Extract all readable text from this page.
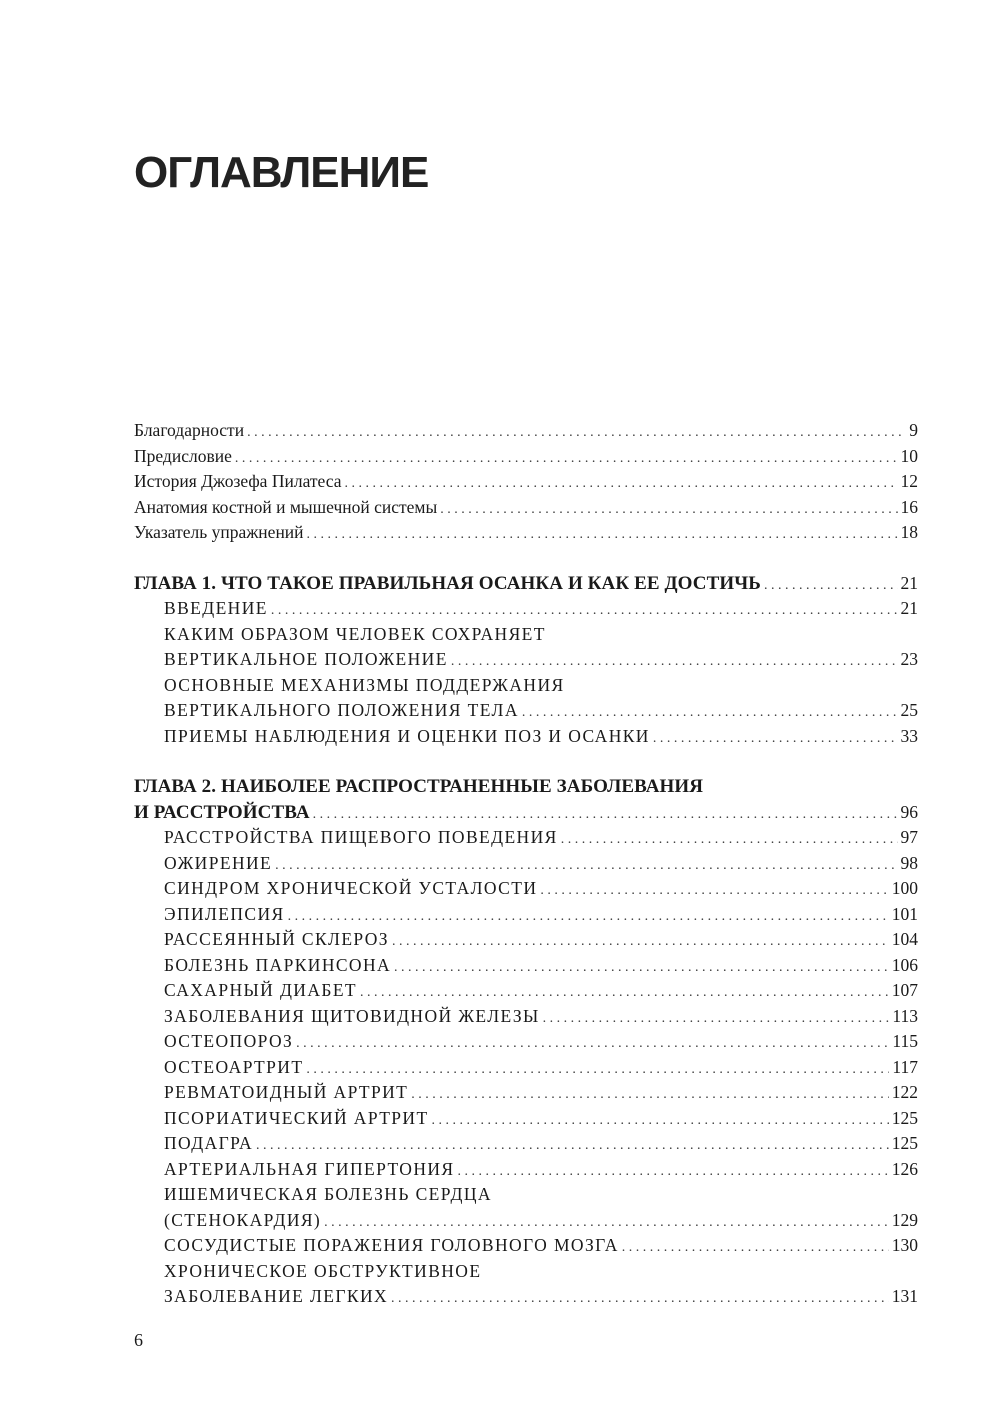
ОГЛАВЛЕНИЕ
Благодарности . . .	9
Предисловие . . .	10
История Джозефа Пилатеса . . .	12
Анатомия костной и мышечной системы . . .	16
Указатель упражнений . . .	18
ГЛАВА 1. ЧТО ТАКОЕ ПРАВИЛЬНАЯ ОСАНКА И КАК ЕЕ ДОСТИЧЬ . . .	21
ВВЕДЕНИЕ . . .	21
КАКИМ ОБРАЗОМ ЧЕЛОВЕК СОХРАНЯЕТ
ВЕРТИКАЛЬНОЕ ПОЛОЖЕНИЕ . . .	23
ОСНОВНЫЕ МЕХАНИЗМЫ ПОДДЕРЖАНИЯ
ВЕРТИКАЛЬНОГО ПОЛОЖЕНИЯ ТЕЛА . . .	25
ПРИЕМЫ НАБЛЮДЕНИЯ И ОЦЕНКИ ПОЗ И ОСАНКИ . . .	33
ГЛАВА 2. НАИБОЛЕЕ РАСПРОСТРАНЕННЫЕ ЗАБОЛЕВАНИЯ
И РАССТРОЙСТВА . . .	96
РАССТРОЙСТВА ПИЩЕВОГО ПОВЕДЕНИЯ . . .	97
ОЖИРЕНИЕ . . .	98
СИНДРОМ ХРОНИЧЕСКОЙ УСТАЛОСТИ . . .	100
ЭПИЛЕПСИЯ . . .	101
РАССЕЯННЫЙ СКЛЕРОЗ . . .	104
БОЛЕЗНЬ ПАРКИНСОНА . . .	106
САХАРНЫЙ ДИАБЕТ . . .	107
ЗАБОЛЕВАНИЯ ЩИТОВИДНОЙ ЖЕЛЕЗЫ . . .	113
ОСТЕОПОРОЗ . . .	115
ОСТЕОАРТРИТ . . .	117
РЕВМАТОИДНЫЙ АРТРИТ . . .	122
ПСОРИАТИЧЕСКИЙ АРТРИТ . . .	125
ПОДАГРА . . .	125
АРТЕРИАЛЬНАЯ ГИПЕРТОНИЯ . . .	126
ИШЕМИЧЕСКАЯ БОЛЕЗНЬ СЕРДЦА
(СТЕНОКАРДИЯ) . . .	129
СОСУДИСТЫЕ ПОРАЖЕНИЯ ГОЛОВНОГО МОЗГА . . .	130
ХРОНИЧЕСКОЕ ОБСТРУКТИВНОЕ
ЗАБОЛЕВАНИЕ ЛЕГКИХ . . .	131
6
